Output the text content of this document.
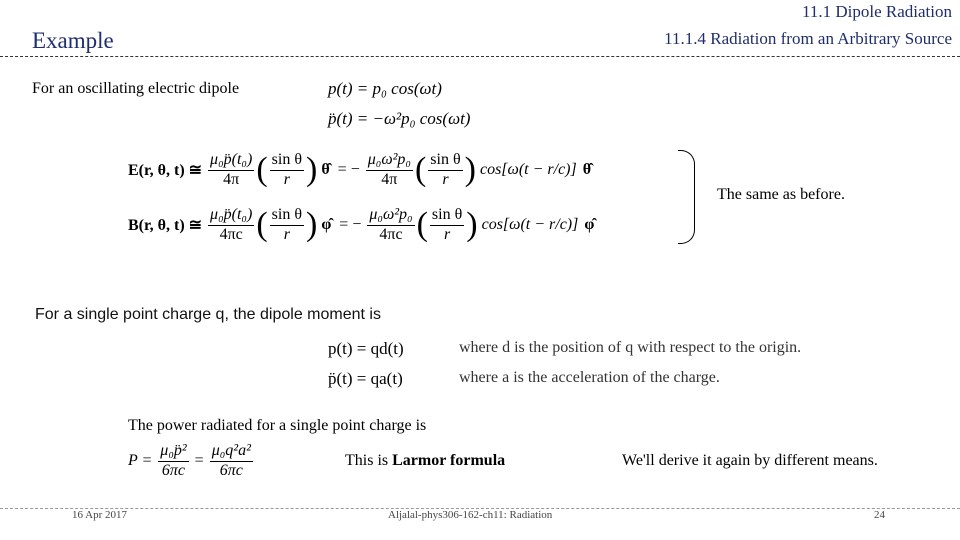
Example
11.1 Dipole Radiation
11.1.4 Radiation from an Arbitrary Source
For an oscillating electric dipole	p(t) = p₀ cos(ωt)
p̈(t) = −ω²p₀ cos(ωt)
E(r, θ, t) ≅ $\frac{\text{μ₀p̈(t₀)}}{4\pi}$ ( $\frac{\text{sin θ}}{r}$ ) θ̂ = − $\frac{\text{μ₀ω²p₀}}{4\pi}$ ( $\frac{\text{sin θ}}{r}$ ) cos[ω(t − r/c)] θ̂
B(r, θ, t) ≅ $\frac{\text{μ₀p̈(t₀)}}{4\pi c}$ ( $\frac{\text{sin θ}}{r}$ ) φ̂ = − $\frac{\text{μ₀ω²p₀}}{4\pi c}$ ( $\frac{\text{sin θ}}{r}$ ) cos[ω(t − r/c)] φ̂
The same as before.
For a single point charge q, the dipole moment is
p(t) = qd(t)	where d is the position of q with respect to the origin.
p̈(t) = qa(t)	where a is the acceleration of the charge.
The power radiated for a single point charge is
$P = \frac{\text{μ₀p̈²}}{6\pi c} = \frac{\text{μ₀q²a²}}{6\pi c}$	This is Larmor formula	We'll derive it again by different means.
16 Apr 2017	Aljalal-phys306-162-ch11: Radiation	24
